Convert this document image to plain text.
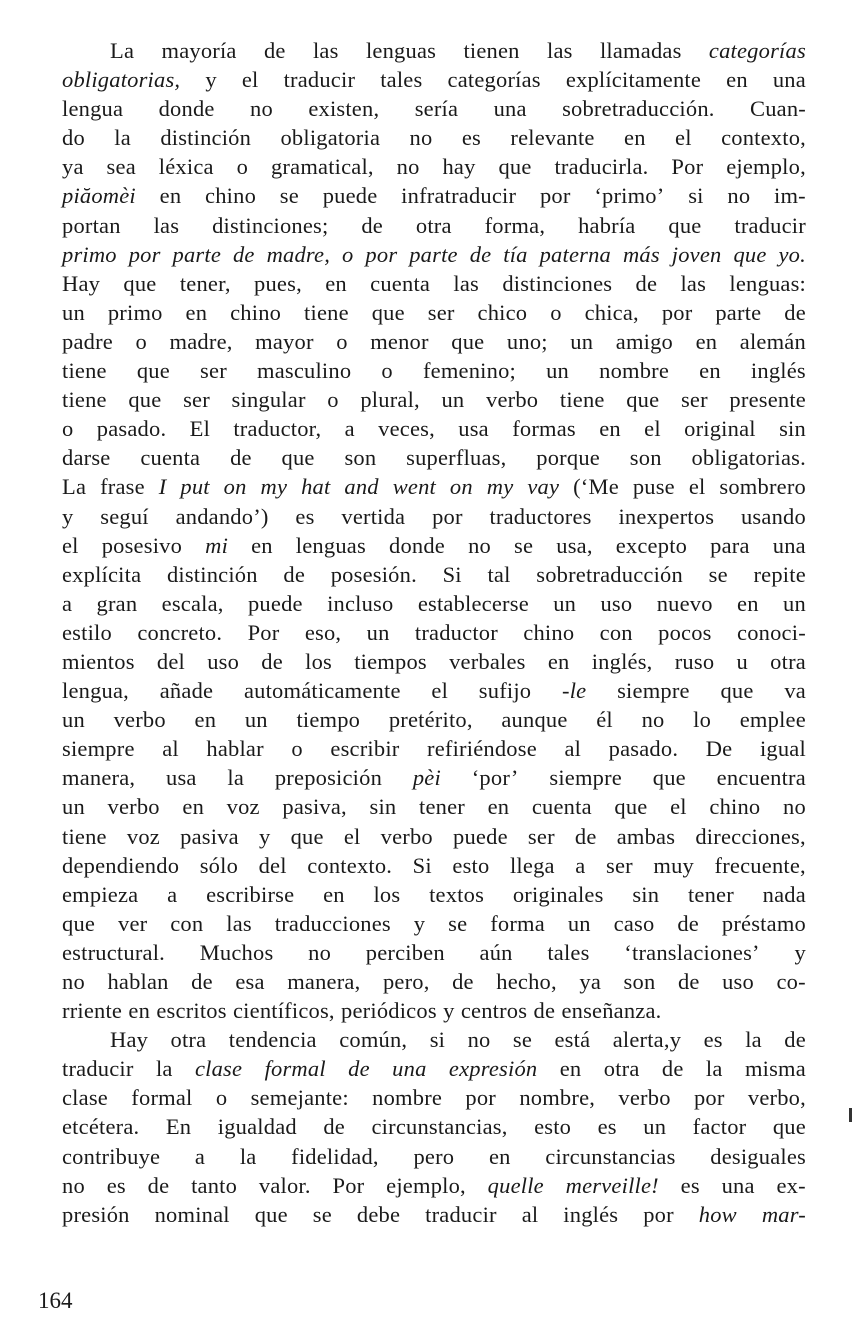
La mayoría de las lenguas tienen las llamadas categorías
obligatorias, y el traducir tales categorías explícitamente en una
lengua donde no existen, sería una sobretraducción. Cuan-
do la distinción obligatoria no es relevante en el contexto,
ya sea léxica o gramatical, no hay que traducirla. Por ejemplo,
piăomèi en chino se puede infratraducir por ‘primo’ si no im-
portan las distinciones; de otra forma, habría que traducir
primo por parte de madre, o por parte de tía paterna más joven que yo.
Hay que tener, pues, en cuenta las distinciones de las lenguas:
un primo en chino tiene que ser chico o chica, por parte de
padre o madre, mayor o menor que uno; un amigo en alemán
tiene que ser masculino o femenino; un nombre en inglés
tiene que ser singular o plural, un verbo tiene que ser presente
o pasado. El traductor, a veces, usa formas en el original sin
darse cuenta de que son superfluas, porque son obligatorias.
La frase I put on my hat and went on my vay (‘Me puse el sombrero
y seguí andando’) es vertida por traductores inexpertos usando
el posesivo mi en lenguas donde no se usa, excepto para una
explícita distinción de posesión. Si tal sobretraducción se repite
a gran escala, puede incluso establecerse un uso nuevo en un
estilo concreto. Por eso, un traductor chino con pocos conoci-
mientos del uso de los tiempos verbales en inglés, ruso u otra
lengua, añade automáticamente el sufijo -le siempre que va
un verbo en un tiempo pretérito, aunque él no lo emplee
siempre al hablar o escribir refiriéndose al pasado. De igual
manera, usa la preposición pèi ‘por’ siempre que encuentra
un verbo en voz pasiva, sin tener en cuenta que el chino no
tiene voz pasiva y que el verbo puede ser de ambas direcciones,
dependiendo sólo del contexto. Si esto llega a ser muy frecuente,
empieza a escribirse en los textos originales sin tener nada
que ver con las traducciones y se forma un caso de préstamo
estructural. Muchos no perciben aún tales ‘translaciones’ y
no hablan de esa manera, pero, de hecho, ya son de uso co-
rriente en escritos científicos, periódicos y centros de enseñanza.
Hay otra tendencia común, si no se está alerta,y es la de
traducir la clase formal de una expresión en otra de la misma
clase formal o semejante: nombre por nombre, verbo por verbo,
etcétera. En igualdad de circunstancias, esto es un factor que
contribuye a la fidelidad, pero en circunstancias desiguales
no es de tanto valor. Por ejemplo, quelle merveille! es una ex-
presión nominal que se debe traducir al inglés por how mar-
164
